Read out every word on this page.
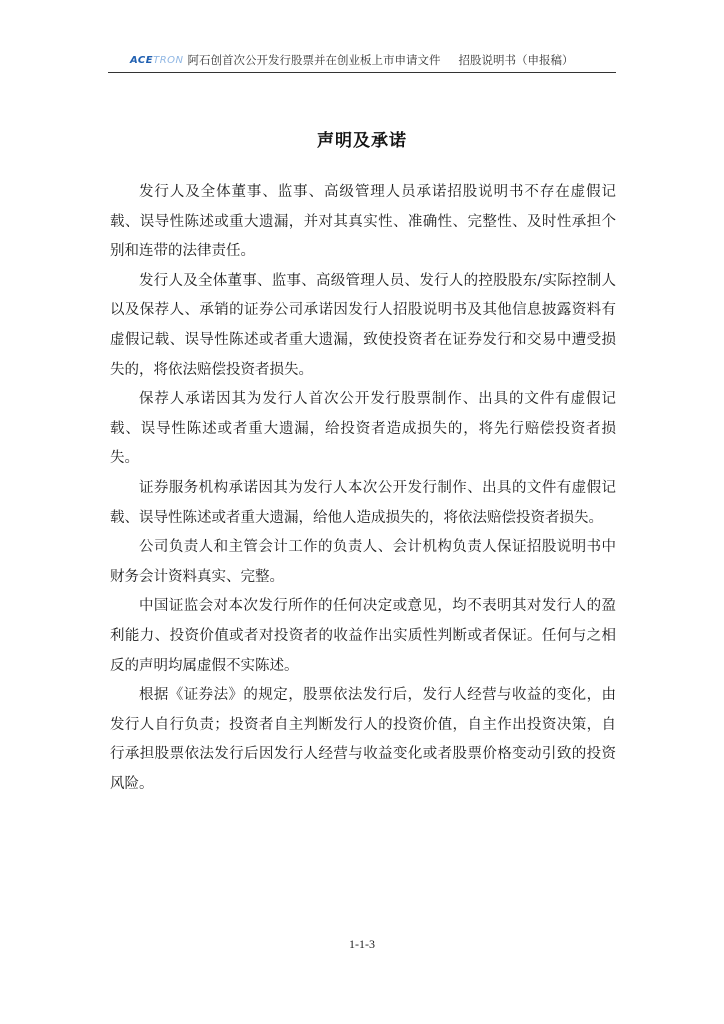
ACE TRON 阿石创首次公开发行股票并在创业板上市申请文件 招股说明书（申报稿）
声明及承诺

发行人及全体董事、监事、高级管理人员承诺招股说明书不存在虚假记载、误导性陈述或重大遗漏，并对其真实性、准确性、完整性、及时性承担个别和连带的法律责任。

发行人及全体董事、监事、高级管理人员、发行人的控股股东/实际控制人以及保荐人、承销的证券公司承诺因发行人招股说明书及其他信息披露资料有虚假记载、误导性陈述或者重大遗漏，致使投资者在证券发行和交易中遭受损失的，将依法赔偿投资者损失。

保荐人承诺因其为发行人首次公开发行股票制作、出具的文件有虚假记载、误导性陈述或者重大遗漏，给投资者造成损失的，将先行赔偿投资者损失。

证券服务机构承诺因其为发行人本次公开发行制作、出具的文件有虚假记载、误导性陈述或者重大遗漏，给他人造成损失的，将依法赔偿投资者损失。

公司负责人和主管会计工作的负责人、会计机构负责人保证招股说明书中财务会计资料真实、完整。

中国证监会对本次发行所作的任何决定或意见，均不表明其对发行人的盈利能力、投资价值或者对投资者的收益作出实质性判断或者保证。任何与之相反的声明均属虚假不实陈述。

根据《证券法》的规定，股票依法发行后，发行人经营与收益的变化，由发行人自行负责；投资者自主判断发行人的投资价值，自主作出投资决策，自行承担股票依法发行后因发行人经营与收益变化或者股票价格变动引致的投资风险。

1-1-3
